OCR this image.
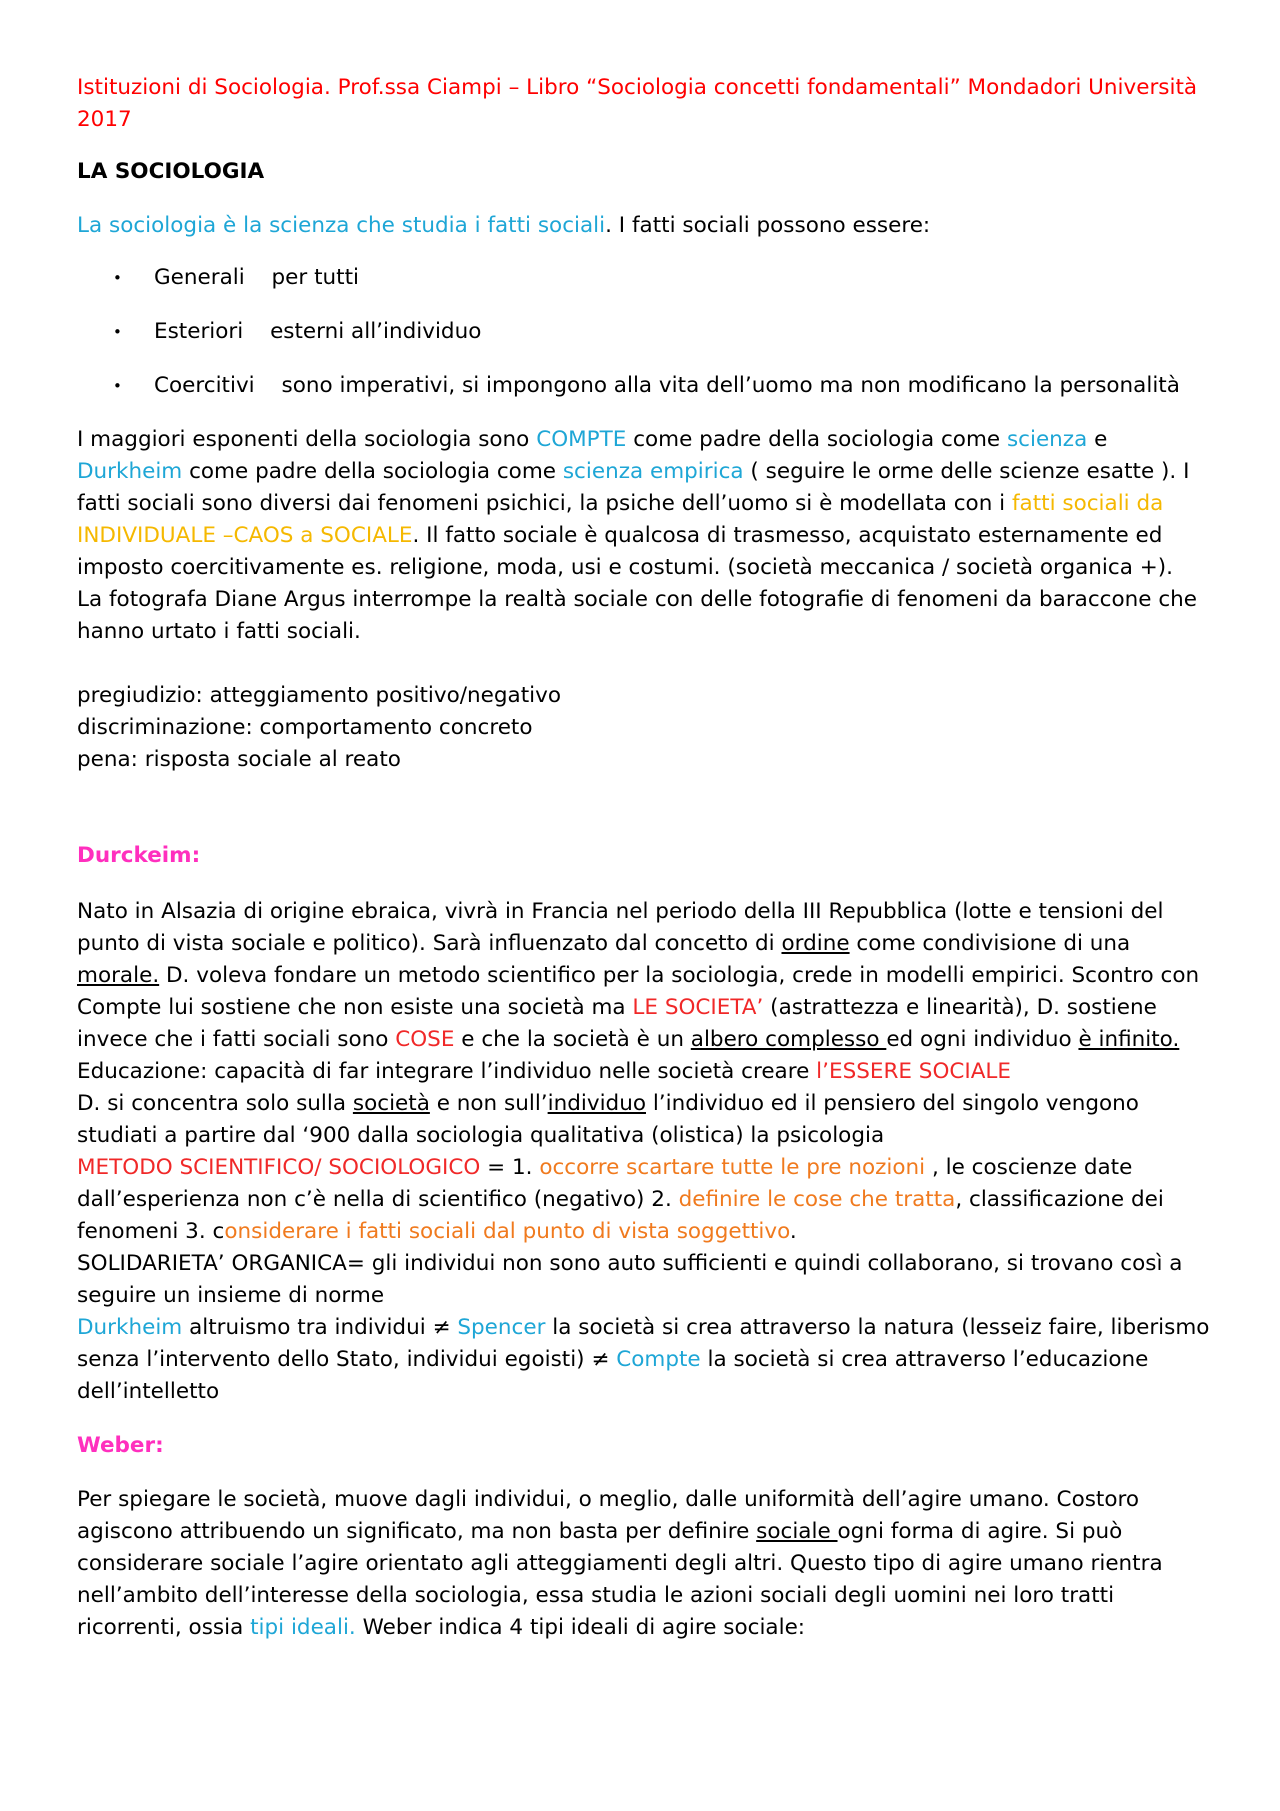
Istituzioni di Sociologia. Prof.ssa Ciampi – Libro “Sociologia concetti fondamentali” Mondadori Università 2017

LA SOCIOLOGIA

La sociologia è la scienza che studia i fatti sociali. I fatti sociali possono essere:

• Generali per tutti
• Esteriori esterni all’individuo
• Coercitivi sono imperativi, si impongono alla vita dell’uomo ma non modificano la personalità

I maggiori esponenti della sociologia sono COMPTE come padre della sociologia come scienza e Durkheim come padre della sociologia come scienza empirica ( seguire le orme delle scienze esatte ). I fatti sociali sono diversi dai fenomeni psichici, la psiche dell’uomo si è modellata con i fatti sociali da INDIVIDUALE –CAOS a SOCIALE. Il fatto sociale è qualcosa di trasmesso, acquistato esternamente ed imposto coercitivamente es. religione, moda, usi e costumi. (società meccanica / società organica +).

La fotografa Diane Argus interrompe la realtà sociale con delle fotografie di fenomeni da baraccone che hanno urtato i fatti sociali.

pregiudizio: atteggiamento positivo/negativo

discriminazione: comportamento concreto

pena: risposta sociale al reato

Durckeim:

Nato in Alsazia di origine ebraica, vivrà in Francia nel periodo della III Repubblica (lotte e tensioni del punto di vista sociale e politico). Sarà influenzato dal concetto di ordine come condivisione di una morale. D. voleva fondare un metodo scientifico per la sociologia, crede in modelli empirici. Scontro con Compte lui sostiene che non esiste una società ma LE SOCIETA’ (astrattezza e linearità), D. sostiene invece che i fatti sociali sono COSE e che la società è un albero complesso ed ogni individuo è infinito.

Educazione: capacità di far integrare l’individuo nelle società creare l’ESSERE SOCIALE

D. si concentra solo sulla società e non sull’individuo l’individuo ed il pensiero del singolo vengono studiati a partire dal ‘900 dalla sociologia qualitativa (olistica) la psicologia

METODO SCIENTIFICO/ SOCIOLOGICO = 1. occorre scartare tutte le pre nozioni , le coscienze date dall’esperienza non c’è nella di scientifico (negativo) 2. definire le cose che tratta, classificazione dei fenomeni 3. considerare i fatti sociali dal punto di vista soggettivo.

SOLIDARIETA’ ORGANICA= gli individui non sono auto sufficienti e quindi collaborano, si trovano così a seguire un insieme di norme

Durkheim altruismo tra individui ≠ Spencer la società si crea attraverso la natura (lesseiz faire, liberismo senza l’intervento dello Stato, individui egoisti) ≠ Compte la società si crea attraverso l’educazione dell’intelletto

Weber:

Per spiegare le società, muove dagli individui, o meglio, dalle uniformità dell’agire umano. Costoro agiscono attribuendo un significato, ma non basta per definire sociale ogni forma di agire. Si può considerare sociale l’agire orientato agli atteggiamenti degli altri. Questo tipo di agire umano rientra nell’ambito dell’interesse della sociologia, essa studia le azioni sociali degli uomini nei loro tratti ricorrenti, ossia tipi ideali. Weber indica 4 tipi ideali di agire sociale:
